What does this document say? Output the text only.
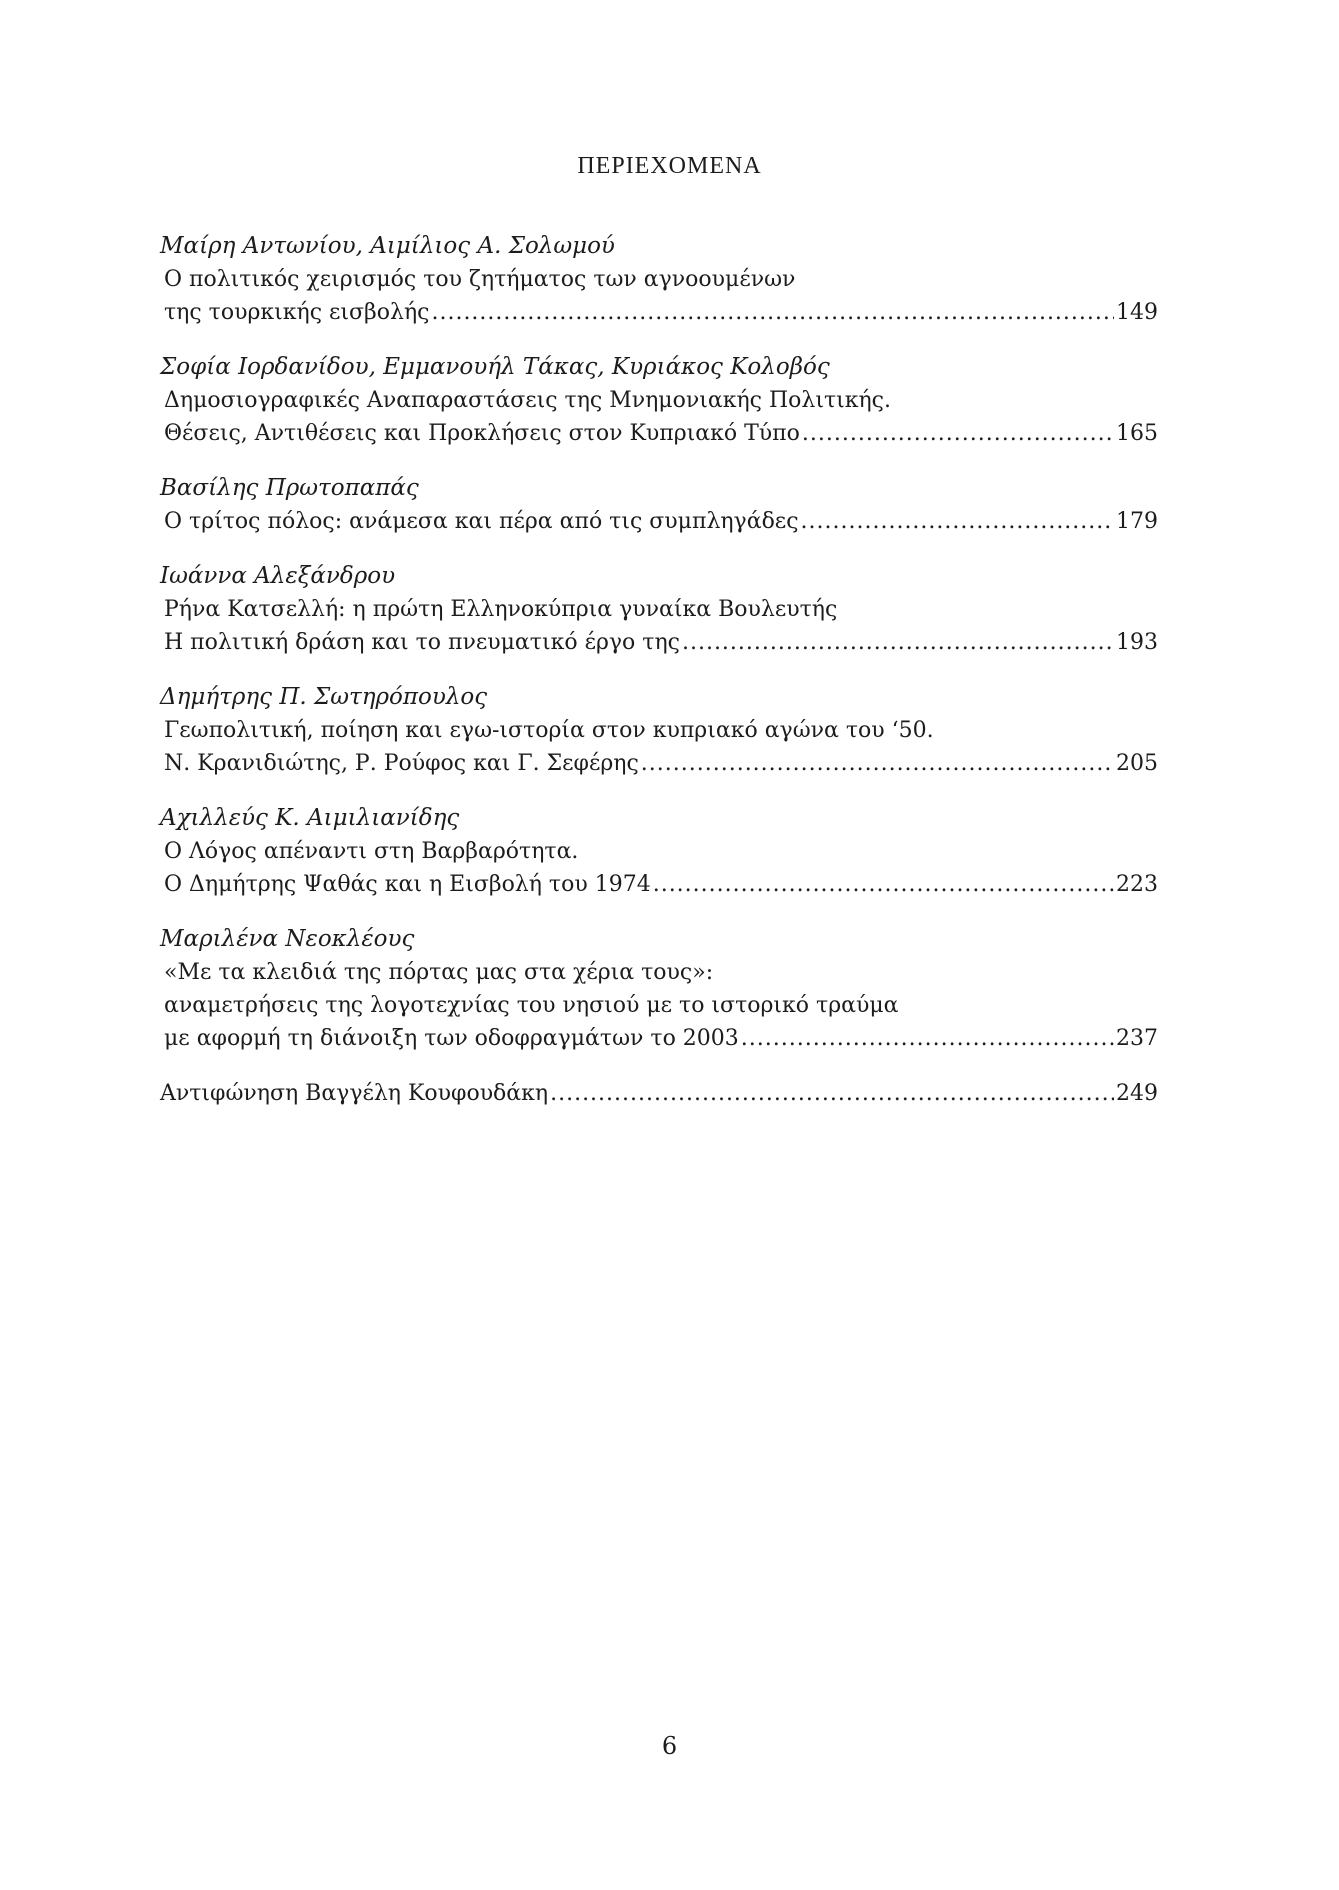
ΠΕΡΙΕΧΟΜΕΝΑ
Μαίρη Αντωνίου, Αιμίλιος Α. Σολωμού
Ο πολιτικός χειρισμός του ζητήματος των αγνοουμένων
της τουρκικής εισβολής .....	149
Σοφία Ιορδανίδου, Εμμανουήλ Τάκας, Κυριάκος Κολοβός
Δημοσιογραφικές Αναπαραστάσεις της Μνημονιακής Πολιτικής.
Θέσεις, Αντιθέσεις και Προκλήσεις στον Κυπριακό Τύπο .....	165
Βασίλης Πρωτοπαπάς
Ο τρίτος πόλος: ανάμεσα και πέρα από τις συμπληγάδες .....	179
Ιωάννα Αλεξάνδρου
Ρήνα Κατσελλή: η πρώτη Ελληνοκύπρια γυναίκα Βουλευτής
Η πολιτική δράση και το πνευματικό έργο της .....	193
Δημήτρης Π. Σωτηρόπουλος
Γεωπολιτική, ποίηση και εγω-ιστορία στον κυπριακό αγώνα του ‘50.
Ν. Κρανιδιώτης, Ρ. Ρούφος και Γ. Σεφέρης .....	205
Αχιλλεύς Κ. Αιμιλιανίδης
Ο Λόγος απέναντι στη Βαρβαρότητα.
Ο Δημήτρης Ψαθάς και η Εισβολή του 1974 .....	223
Μαριλένα Νεοκλέους
«Με τα κλειδιά της πόρτας μας στα χέρια τους»:
αναμετρήσεις της λογοτεχνίας του νησιού με το ιστορικό τραύμα
με αφορμή τη διάνοιξη των οδοφραγμάτων το 2003 .....	237
Αντιφώνηση Βαγγέλη Κουφουδάκη .....	249
6
